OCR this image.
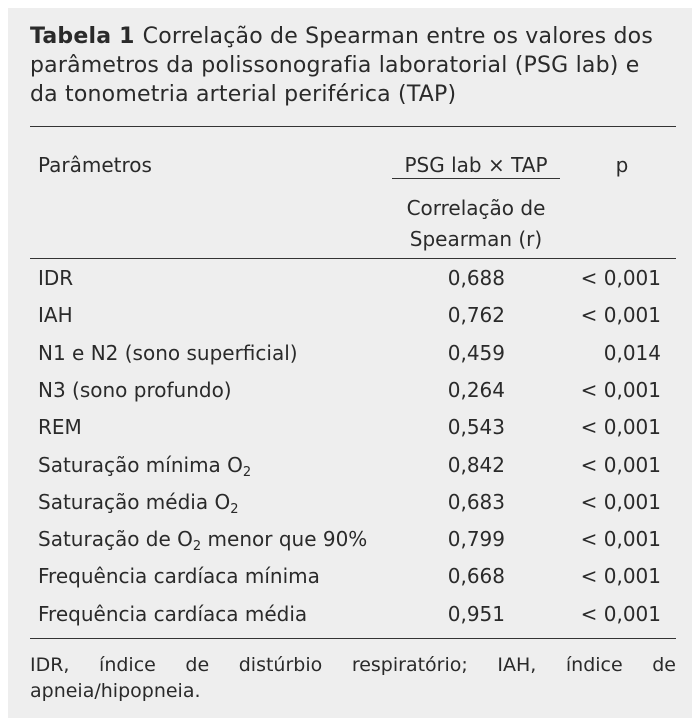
Tabela 1 Correlação de Spearman entre os valores dos parâmetros da polissonografia laboratorial (PSG lab) e da tonometria arterial periférica (TAP)
Parâmetros	PSG lab × TAP	p
Correlação de Spearman (r)
IDR	0,688	< 0,001
IAH	0,762	< 0,001
N1 e N2 (sono superficial)	0,459	0,014
N3 (sono profundo)	0,264	< 0,001
REM	0,543	< 0,001
Saturação mínima $O_2$	0,842	< 0,001
Saturação média $O_2$	0,683	< 0,001
Saturação de $O_2$ menor que 90%	0,799	< 0,001
Frequência cardíaca mínima	0,668	< 0,001
Frequência cardíaca média	0,951	< 0,001
IDR, índice de distúrbio respiratório; IAH, índice de apneia/hipopneia.
